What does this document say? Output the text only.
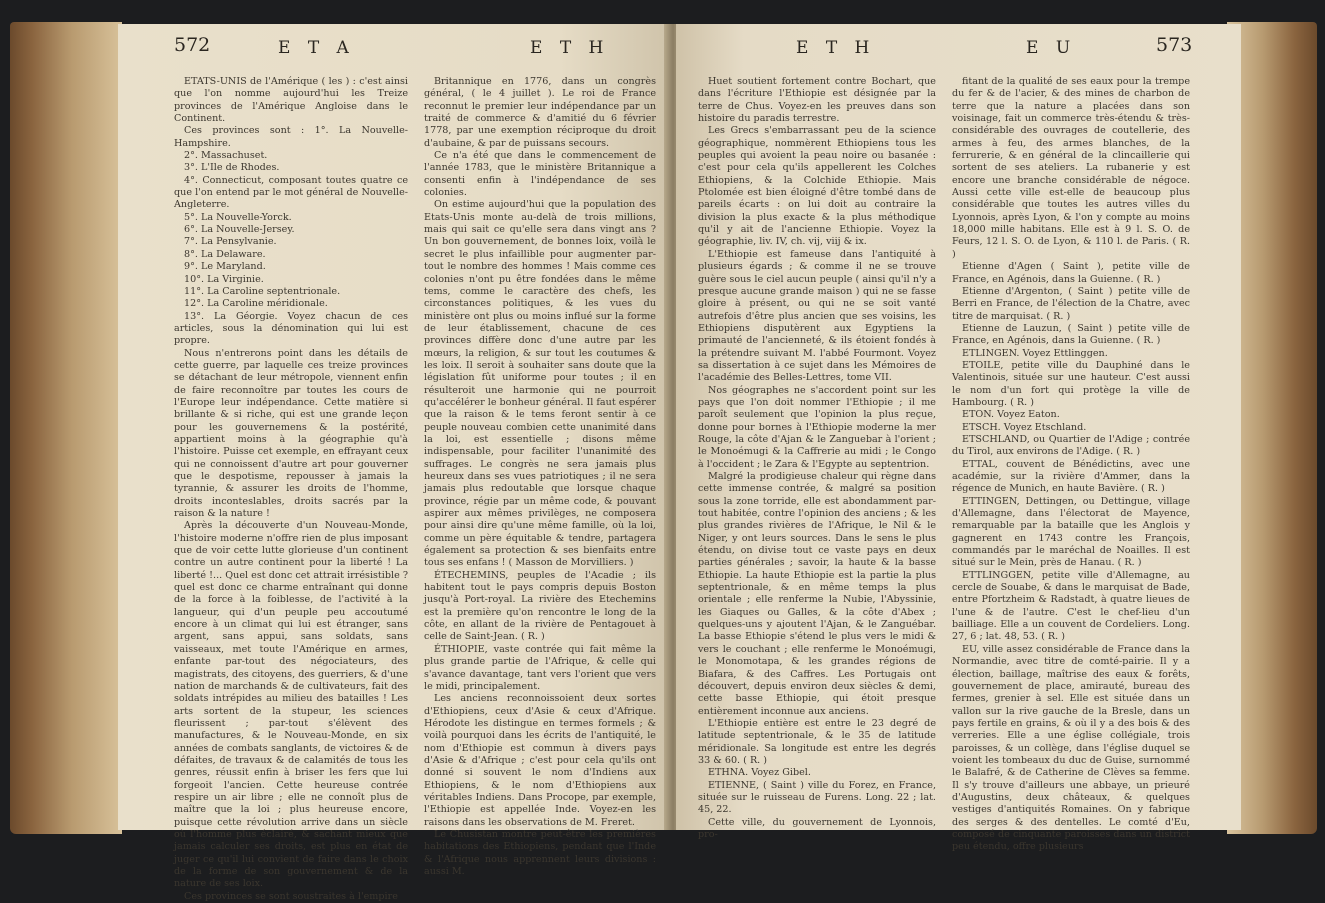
572	E T A	E T H

ETATS-UNIS de l'Amérique ( les ) : c'est ainsi que l'on nomme aujourd'hui les Treize provinces de l'Amérique Angloise dans le Continent.

Ces provinces sont : 1°. La Nouvelle-Hampshire.

2°. Massachuset.

3°. L'Ile de Rhodes.

4°. Connecticut, composant toutes quatre ce que l'on entend par le mot général de Nouvelle-Angleterre.

5°. La Nouvelle-Yorck.

6°. La Nouvelle-Jersey.

7°. La Pensylvanie.

8°. La Delaware.

9°. Le Maryland.

10°. La Virginie.

11°. La Caroline septentrionale.

12°. La Caroline méridionale.

13°. La Géorgie. Voyez chacun de ces articles, sous la dénomination qui lui est propre.

Nous n'entrerons point dans les détails de cette guerre, par laquelle ces treize provinces se détachant de leur métropole, viennent enfin de faire reconnoître par toutes les cours de l'Europe leur indépendance. Cette matière si brillante & si riche, qui est une grande leçon pour les gouvernemens & la postérité, appartient moins à la géographie qu'à l'histoire. Puisse cet exemple, en effrayant ceux qui ne connoissent d'autre art pour gouverner que le despotisme, repousser à jamais la tyrannie, & assurer les droits de l'homme, droits inconteslables, droits sacrés par la raison & la nature !

Après la découverte d'un Nouveau-Monde, l'histoire moderne n'offre rien de plus imposant que de voir cette lutte glorieuse d'un continent contre un autre continent pour la liberté ! La liberté !... Quel est donc cet attrait irrésistible ? quel est donc ce charme entraînant qui donne de la force à la foiblesse, de l'activité à la langueur, qui d'un peuple peu accoutumé encore à un climat qui lui est étranger, sans argent, sans appui, sans soldats, sans vaisseaux, met toute l'Amérique en armes, enfante par-tout des négociateurs, des magistrats, des citoyens, des guerriers, & d'une nation de marchands & de cultivateurs, fait des soldats intrépides au milieu des batailles ! Les arts sortent de la stupeur, les sciences fleurissent ; par-tout s'élèvent des manufactures, & le Nouveau-Monde, en six années de combats sanglants, de victoires & de défaites, de travaux & de calamités de tous les genres, réussit enfin à briser les fers que lui forgeoit l'ancien. Cette heureuse contrée respire un air libre ; elle ne connoît plus de maître que la loi ; plus heureuse encore, puisque cette révolution arrive dans un siècle où l'homme plus éclairé, & sachant mieux que jamais calculer ses droits, est plus en état de juger ce qu'il lui convient de faire dans le choix de la forme de son gouvernement & de la nature de ses loix.

Ces provinces se sont soustraites à l'empire

Britannique en 1776, dans un congrès général, ( le 4 juillet ). Le roi de France reconnut le premier leur indépendance par un traité de commerce & d'amitié du 6 février 1778, par une exemption réciproque du droit d'aubaine, & par de puissans secours.

Ce n'a été que dans le commencement de l'année 1783, que le ministère Britannique a consenti enfin à l'indépendance de ses colonies.

On estime aujourd'hui que la population des Etats-Unis monte au-delà de trois millions, mais qui sait ce qu'elle sera dans vingt ans ? Un bon gouvernement, de bonnes loix, voilà le secret le plus infaillible pour augmenter par-tout le nombre des hommes ! Mais comme ces colonies n'ont pu être fondées dans le même tems, comme le caractère des chefs, les circonstances politiques, & les vues du ministère ont plus ou moins influé sur la forme de leur établissement, chacune de ces provinces diffère donc d'une autre par les mœurs, la religion, & sur tout les coutumes & les loix. Il seroit à souhaiter sans doute que la législation fût uniforme pour toutes ; il en résulteroit une harmonie qui ne pourroit qu'accélérer le bonheur général. Il faut espérer que la raison & le tems feront sentir à ce peuple nouveau combien cette unanimité dans la loi, est essentielle ; disons même indispensable, pour faciliter l'unanimité des suffrages. Le congrès ne sera jamais plus heureux dans ses vues patriotiques ; il ne sera jamais plus redoutable que lorsque chaque province, régie par un même code, & pouvant aspirer aux mêmes privilèges, ne composera pour ainsi dire qu'une même famille, où la loi, comme un père équitable & tendre, partagera également sa protection & ses bienfaits entre tous ses enfans ! ( Masson de Morvilliers. )

ÉTECHEMINS, peuples de l'Acadie ; ils habitent tout le pays compris depuis Boston jusqu'à Port-royal. La rivière des Etechemins est la première qu'on rencontre le long de la côte, en allant de la rivière de Pentagouet à celle de Saint-Jean. ( R. )

ÉTHIOPIE, vaste contrée qui fait même la plus grande partie de l'Afrique, & celle qui s'avance davantage, tant vers l'orient que vers le midi, principalement.

Les anciens reconnoissoient deux sortes d'Ethiopiens, ceux d'Asie & ceux d'Afrique. Hérodote les distingue en termes formels ; & voilà pourquoi dans les écrits de l'antiquité, le nom d'Ethiopie est commun à divers pays d'Asie & d'Afrique ; c'est pour cela qu'ils ont donné si souvent le nom d'Indiens aux Ethiopiens, & le nom d'Ethiopiens aux véritables Indiens. Dans Procope, par exemple, l'Ethiopie est appellée Inde. Voyez-en les raisons dans les observations de M. Freret.

Le Chusistan montre peut-être les premières habitations des Ethiopiens, pendant que l'Inde & l'Afrique nous apprennent leurs divisions : aussi M.

E T H	E U	573

Huet soutient fortement contre Bochart, que dans l'écriture l'Ethiopie est désignée par la terre de Chus. Voyez-en les preuves dans son histoire du paradis terrestre.

Les Grecs s'embarrassant peu de la science géographique, nommèrent Ethiopiens tous les peuples qui avoient la peau noire ou basanée : c'est pour cela qu'ils appellerent les Colches Ethiopiens, & la Colchide Ethiopie. Mais Ptolomée est bien éloigné d'être tombé dans de pareils écarts : on lui doit au contraire la division la plus exacte & la plus méthodique qu'il y ait de l'ancienne Ethiopie. Voyez la géographie, liv. IV, ch. vij, viij & ix.

L'Ethiopie est fameuse dans l'antiquité à plusieurs égards ; & comme il ne se trouve guère sous le ciel aucun peuple ( ainsi qu'il n'y a presque aucune grande maison ) qui ne se fasse gloire à présent, ou qui ne se soit vanté autrefois d'être plus ancien que ses voisins, les Ethiopiens disputèrent aux Egyptiens la primauté de l'ancienneté, & ils étoient fondés à la prétendre suivant M. l'abbé Fourmont. Voyez sa dissertation à ce sujet dans les Mémoires de l'académie des Belles-Lettres, tome VII.

Nos géographes ne s'accordent point sur les pays que l'on doit nommer l'Ethiopie ; il me paroît seulement que l'opinion la plus reçue, donne pour bornes à l'Ethiopie moderne la mer Rouge, la côte d'Ajan & le Zanguebar à l'orient ; le Monoémugi & la Caffrerie au midi ; le Congo à l'occident ; le Zara & l'Egypte au septentrion.

Malgré la prodigieuse chaleur qui règne dans cette immense contrée, & malgré sa position sous la zone torride, elle est abondamment par-tout habitée, contre l'opinion des anciens ; & les plus grandes rivières de l'Afrique, le Nil & le Niger, y ont leurs sources. Dans le sens le plus étendu, on divise tout ce vaste pays en deux parties générales ; savoir, la haute & la basse Ethiopie. La haute Ethiopie est la partie la plus septentrionale, & en même temps la plus orientale ; elle renferme la Nubie, l'Abyssinie, les Giaques ou Galles, & la côte d'Abex ; quelques-uns y ajoutent l'Ajan, & le Zanguébar. La basse Ethiopie s'étend le plus vers le midi & vers le couchant ; elle renferme le Monoémugi, le Monomotapa, & les grandes régions de Biafara, & des Caffres. Les Portugais ont découvert, depuis environ deux siècles & demi, cette basse Ethiopie, qui étoit presque entièrement inconnue aux anciens.

L'Ethiopie entière est entre le 23 degré de latitude septentrionale, & le 35 de latitude méridionale. Sa longitude est entre les degrés 33 & 60. ( R. )

ETHNA. Voyez Gibel.

ETIENNE, ( Saint ) ville du Forez, en France, située sur le ruisseau de Furens. Long. 22 ; lat. 45, 22.

Cette ville, du gouvernement de Lyonnois, pro-

fitant de la qualité de ses eaux pour la trempe du fer & de l'acier, & des mines de charbon de terre que la nature a placées dans son voisinage, fait un commerce très-étendu & très-considérable des ouvrages de coutellerie, des armes à feu, des armes blanches, de la ferrurerie, & en général de la clincaillerie qui sortent de ses ateliers. La rubanerie y est encore une branche considérable de négoce. Aussi cette ville est-elle de beaucoup plus considérable que toutes les autres villes du Lyonnois, après Lyon, & l'on y compte au moins 18,000 mille habitans. Elle est à 9 l. S. O. de Feurs, 12 l. S. O. de Lyon, & 110 l. de Paris. ( R. )

Etienne d'Agen ( Saint ), petite ville de France, en Agénois, dans la Guienne. ( R. )

Etienne d'Argenton, ( Saint ) petite ville de Berri en France, de l'élection de la Chatre, avec titre de marquisat. ( R. )

Etienne de Lauzun, ( Saint ) petite ville de France, en Agénois, dans la Guienne. ( R. )

ETLINGEN. Voyez Ettlinggen.

ETOILE, petite ville du Dauphiné dans le Valentinois, située sur une hauteur. C'est aussi le nom d'un fort qui protège la ville de Hambourg. ( R. )

ETON. Voyez Eaton.

ETSCH. Voyez Etschland.

ETSCHLAND, ou Quartier de l'Adige ; contrée du Tirol, aux environs de l'Adige. ( R. )

ETTAL, couvent de Bénédictins, avec une académie, sur la rivière d'Ammer, dans la régence de Munich, en haute Bavière. ( R. )

ETTINGEN, Dettingen, ou Dettingue, village d'Allemagne, dans l'électorat de Mayence, remarquable par la bataille que les Anglois y gagnerent en 1743 contre les François, commandés par le maréchal de Noailles. Il est situé sur le Mein, près de Hanau. ( R. )

ETTLINGGEN, petite ville d'Allemagne, au cercle de Souabe, & dans le marquisat de Bade, entre Pfortzheim & Radstadt, à quatre lieues de l'une & de l'autre. C'est le chef-lieu d'un bailliage. Elle a un couvent de Cordeliers. Long. 27, 6 ; lat. 48, 53. ( R. )

EU, ville assez considérable de France dans la Normandie, avec titre de comté-pairie. Il y a élection, baillage, maîtrise des eaux & forêts, gouvernement de place, amirauté, bureau des fermes, grenier à sel. Elle est située dans un vallon sur la rive gauche de la Bresle, dans un pays fertile en grains, & où il y a des bois & des verreries. Elle a une église collégiale, trois paroisses, & un collège, dans l'église duquel se voient les tombeaux du duc de Guise, surnommé le Balafré, & de Catherine de Clèves sa femme. Il s'y trouve d'ailleurs une abbaye, un prieuré d'Augustins, deux châteaux, & quelques vestiges d'antiquités Romaines. On y fabrique des serges & des dentelles. Le comté d'Eu, composé de cinquante paroisses dans un district peu étendu, offre plusieurs
